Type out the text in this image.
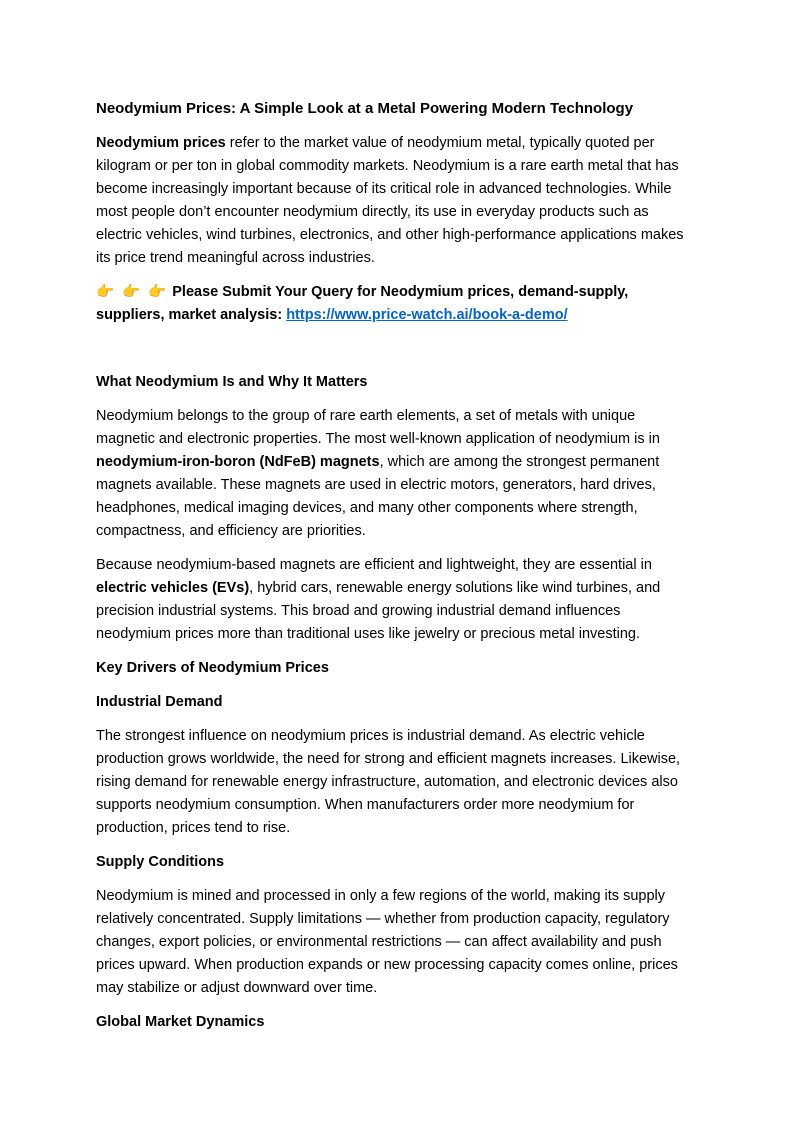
Neodymium Prices: A Simple Look at a Metal Powering Modern Technology

Neodymium prices refer to the market value of neodymium metal, typically quoted per kilogram or per ton in global commodity markets. Neodymium is a rare earth metal that has become increasingly important because of its critical role in advanced technologies. While most people don’t encounter neodymium directly, its use in everyday products such as electric vehicles, wind turbines, electronics, and other high-performance applications makes its price trend meaningful across industries.

👉 👉 👉 Please Submit Your Query for Neodymium prices, demand-supply, suppliers, market analysis: https://www.price-watch.ai/book-a-demo/

What Neodymium Is and Why It Matters

Neodymium belongs to the group of rare earth elements, a set of metals with unique magnetic and electronic properties. The most well-known application of neodymium is in neodymium-iron-boron (NdFeB) magnets, which are among the strongest permanent magnets available. These magnets are used in electric motors, generators, hard drives, headphones, medical imaging devices, and many other components where strength, compactness, and efficiency are priorities.

Because neodymium-based magnets are efficient and lightweight, they are essential in electric vehicles (EVs), hybrid cars, renewable energy solutions like wind turbines, and precision industrial systems. This broad and growing industrial demand influences neodymium prices more than traditional uses like jewelry or precious metal investing.

Key Drivers of Neodymium Prices
Industrial Demand

The strongest influence on neodymium prices is industrial demand. As electric vehicle production grows worldwide, the need for strong and efficient magnets increases. Likewise, rising demand for renewable energy infrastructure, automation, and electronic devices also supports neodymium consumption. When manufacturers order more neodymium for production, prices tend to rise.

Supply Conditions

Neodymium is mined and processed in only a few regions of the world, making its supply relatively concentrated. Supply limitations — whether from production capacity, regulatory changes, export policies, or environmental restrictions — can affect availability and push prices upward. When production expands or new processing capacity comes online, prices may stabilize or adjust downward over time.

Global Market Dynamics
